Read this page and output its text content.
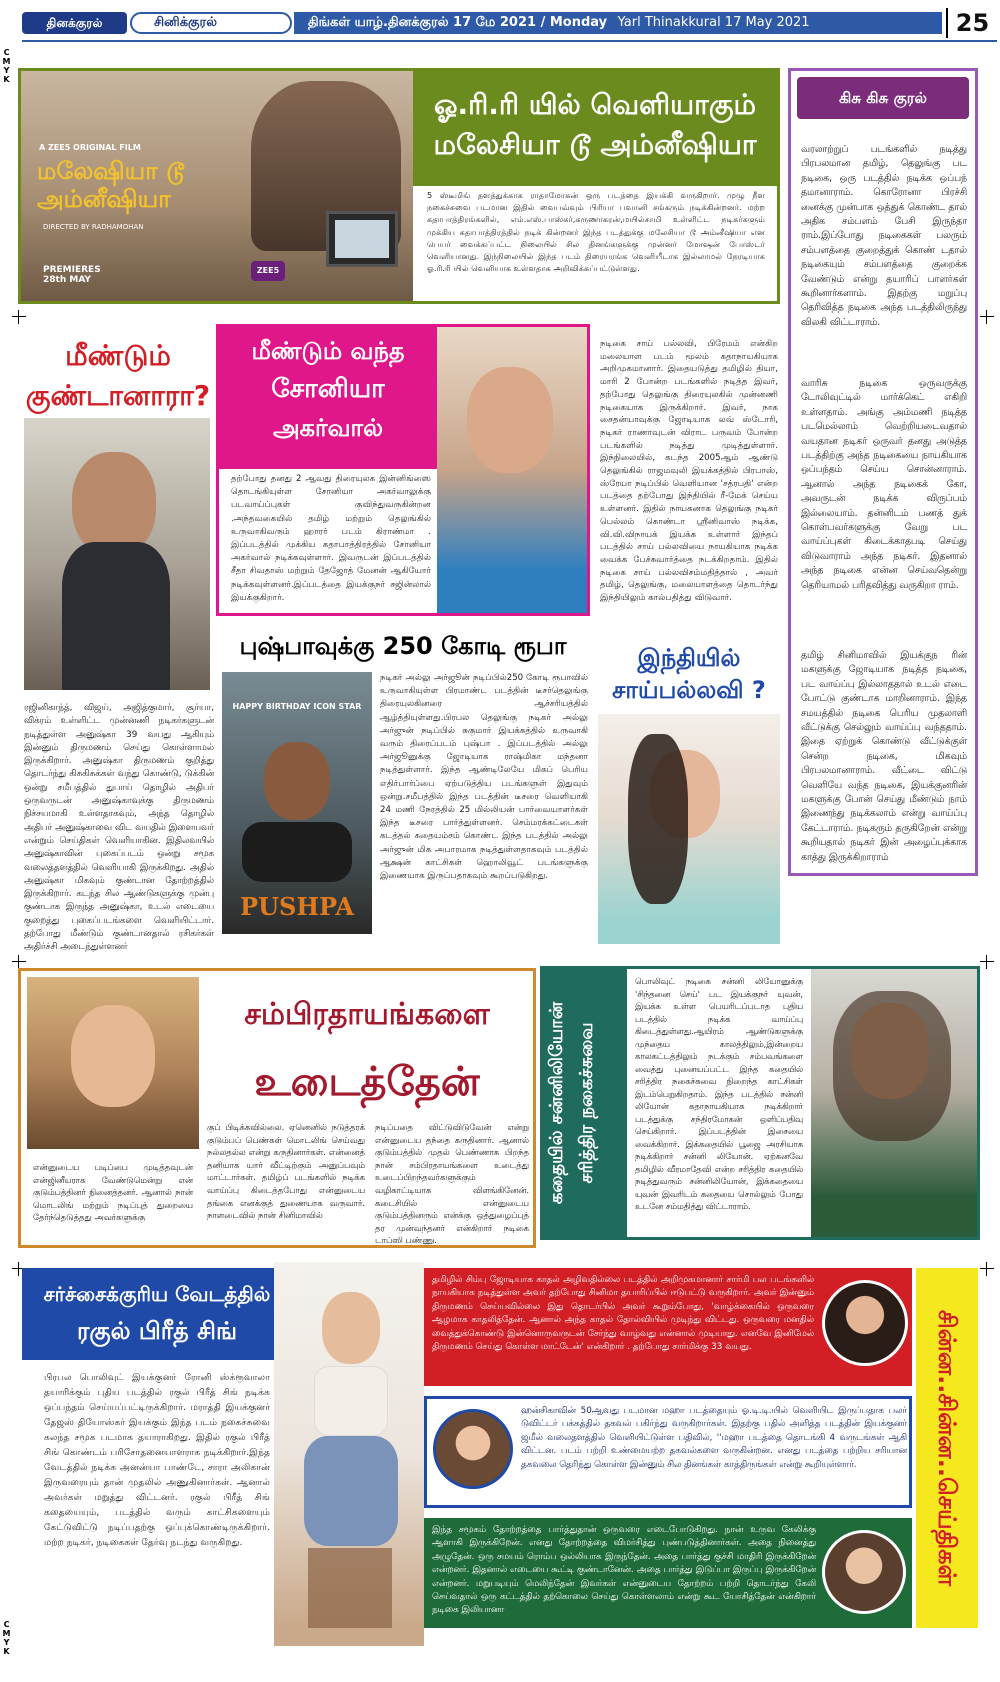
தினக்குரல்	சினிக்குரல்	திங்கள் யாழ்.தினக்குரல் 17 மே 2021 / Monday Yarl Thinakkural 17 May 2021	25
C
M
Y
K
C
M
Y
K
A ZEE5 ORIGINAL FILM
மலேஷியா டூ அம்னீஷியா
DIRECTED BY RADHAMOHAN
PREMIERES 28th MAY
ZEE5
ஓ.ரி.ரி யில் வெளியாகும்
மலேசியா டூ அம்னீஷியா
5 ஸ்டீமிங் தளத்துக்காக ராதாமோகன் ஒரு படத்தை இயக்கி வருகிறார். முழு நீள நகைச்சுவை படமான இதில் வைபவ்வும் பிரியா பவானி சங்கரும் நடிக்கின்றனர். மற்ற கதாபாத்திரங்களில், எம்.எஸ்.பாஸ்கர்,கருணாகரன்,மயில்சாமி உள்ளிட்ட நடிகர்களும் முக்கிய கதாபாத்திரத்தில் நடிக் கின்றனர் இந்த படத்துக்கு மலேசியா டூ அம்னீஷியா என பெயர் வைக்கப்பட்ட நிலையில் சில தினங்களுக்கு முன்னர் மோஷன் போஸ்டர் வெளியானது. இந்நிலையில் இந்த படம் திரையரங்க வெளியீடாக இல்லாமல் நேரடியாக ஓ.ரி.ரி யில் வெளியாக உள்ளதாக அறிவிக்கப்பட்டுள்ளது.
கிசு கிசு குரல்
வரலாற்றுப் படங்களில் நடித்து பிரபலமான தமிழ், தெலுங்கு பட நடிகை, ஒரு படத்தில் நடிக்க ஒப்பந் தமானாராம். கொரோனா பிரச்சி னைக்கு முன்பாக ஒத்துக் கொண்ட தால் அதிக சம்பளம் பேசி இருந்தா ராம்.இப்போது நடிகைகள் பலரும் சம்பளத்தை குறைத்துக் கொண் டதால் நடிகையும் சம்பளத்தை குறைக்க வேண்டும் என்று தயாரிப் பாளர்கள் கூறினார்களாம். இதற்கு மறுப்பு தெரிவித்த நடிகை அந்த படத்திலிருந்து விலகி விட்டாராம்.
வாரிசு நடிகை ஒருவருக்கு டோலிவுட்டில் மார்க்கெட் எகிறி உள்ளதாம். அங்கு அம்மணி நடித்த படமெல்லாம் வெற்றியடைவதால் வயதான நடிகர் ஒருவர் தனது அடுத்த படத்திற்கு அந்த நடிகையை நாயகியாக ஒப்பந்தம் செய்ய சொன்னாராம். ஆனால் அந்த நடிகைக் கோ, அவருடன் நடிக்க விருப்பம் இல்லையாம். தன்னிடம் பணத் துக் கொள்பவர்களுக்கு வேறு பட வாய்ப்புகள் கிடைக்காதபடி செய்து விடுவாராம் அந்த நடிகர். இதனால் அந்த நடிகை என்ன செய்வதென்று தெரியாமல் பரிதவித்து வருகிறா ராம்.
தமிழ் சினிமாவில் இயக்குந ரின் மகளுக்கு ஜோடியாக நடித்த நடிகை, பட வாய்ப்பு இல்லாததால் உடல் எடை போட்டு குண்டாக மாறினாராம். இந்த சமயத்தில் நடிகை பெரிய முதலாளி வீட்டுக்கு செல்லும் வாய்ப்பு வந்ததாம். இதை ஏற்றுக் கொண்டு வீட்டுக்குள் சென்ற நடிகை, மிகவும் பிரபலமானாராம். வீட்டை விட்டு வெளியே வந்த நடிகை, இயக்குனரின் மகளுக்கு போன் செய்து மீண்டும் நாம் இணைந்து நடிக்கலாம் என்று வாய்ப்பு கேட்டாராம். நடிகரும் தருகிறேன் என்று கூறியதால் நடிகர் இன் அழைப்புக்காக காத்து இருக்கிறாராம்
மீண்டும் குண்டானாரா?
ரஜினிகாந்த், விஜய், அஜித்குமார், சூர்யா, விக்ரம் உள்ளிட்ட முன்னணி நடிகர்களுடன் நடித்துள்ள அனுஷ்கா 39 வயது ஆகியும் இன்னும் திருமணம் செய்து கொள்ளாமல் இருக்கிறார். அனுஷ்கா திருமணம் குறித்து தொடர்ந்து கிசுகிசுக்கள் வந்து கொண்டு, டுக்கின் ஒன்று சமீபத்தில் துபாய் தொழில் அதிபர் ஒருவருடன் அனுஷ்காவுக்கு திருமணம் நிச்சயமாகி உள்ளதாகவும், அந்த தொழில் அதிபர் அனுஷ்காவை விட வயதில் இளையவர் என்றும் செய்திகள் வெளியாகின. இதிலவயில் அனுஷ்காவின் புகைப்படம் ஒன்று சமூக வலைத்தளத்தில் வெளியாகி இருக்கிறது. அதில் அனுஷ்கா மிகவும் குண்டான தோற்றத்தில் இருக்கிறார். கடந்த சில ஆண்டுகளுக்கு முன்பு குண்டாக இருந்த அனுஷ்கா, உடல் எடையை குறைத்து புகைப்படங்களை வெளியிட்டார். தற்போது மீண்டும் குண்டானதால் ரசிகர்கள் அதிர்ச்சி அடைந்துள்ளனர்
மீண்டும் வந்த
சோனியா
அகர்வால்
தற்போது தனது 2 ஆவது திரையுலக இன்னிங்ஸை தொடங்கியுள்ள சோனியா அகர்வாலுக்கு படவாய்ப்புகள் குவிந்துவருகின்றன .அந்தவகையில் தமிழ் மற்றும் தெலுங்கில் உருவாகிவரும் ஹாரர் படம் கிராண்மா . இப்படத்தில் முக்கிய கதாபாத்திரத்தில் சோனியா அகர்வால் நடிக்கவுள்ளார். இவருடன் இப்படத்தில் சீதா சிவதாஸ் மற்றும் தேஜோத் மேனன் ஆகியோர் நடிக்கவுள்ளனர்.இப்படத்தை இயக்குநர் சஜின்லால் இயக்குகிறார்.
நடிகை சாய் பல்லவி, பிரேமம் என்கிற மலையாள படம் மூலம் கதாநாயகியாக அறிமுகமானார். இதையடுத்து தமிழில் தியா, மாரி 2 போன்ற படங்களில் நடித்த இவர், தற்போது தெலுங்கு திரையுலகில் முன்னணி நடிகையாக இருக்கிறார். இவர், நாக சைதன்யாவுக்கு ஜோடியாக லவ் ஸ்டோரி, நடிகர் ராணாவுடன் விராட பருவம் போன்ற படங்களில் நடித்து முடித்துள்ளார். இந்நிலையில், கடந்த 2005ஆம் ஆண்டு தெலுங்கில் ராஜமவுலி இயக்கத்தில் பிரபாஸ், ஸ்ரேயா நடிப்பில் வெளியான 'சத்ரபதி' என்ற படத்தை தற்போது இந்தியில் ரீ-மேக் செய்ய உள்ளனர். இதில் நாயகனாக தெலுங்கு நடிகர் பெல்லம் கொண்டா ஸ்ரீனிவாஸ் நடிக்க, வி.வி.விநாயக் இயக்க உள்ளார் இந்தப் படத்தில் சாய் பல்லவியை நாயகியாக நடிக்க வைக்க பேச்சுவார்த்தை நடக்கிறதாம். இதில் நடிகை சாய் பல்லவிசம்மதித்தால் , அவர் தமிழ், தெலுங்கு, மலையாளத்தை தொடர்ந்து இந்தியிலும் கால்பதித்து விடுவார்.
இந்தியில்
சாய்பல்லவி ?
புஷ்பாவுக்கு 250 கோடி ரூபா
HAPPY BIRTHDAY ICON STAR
PUSHPA
நடிகர் அல்லு அர்ஜூன் நடிப்பில்250 கோடி ரூபாவில் உருவாகியுள்ள பிரமாண்ட படத்தின் டீசர்தெலுங்கு திரையுலகினரை ஆச்சரியத்தில் ஆழ்த்தியுள்ளது.பிரபல தெலுங்கு நடிகர் அல்லு அர்ஜுன் நடிப்பில் சுகுமார் இயக்கத்தில் உருவாகி வரும் திரைப்படம் புஷ்பா . இப்படத்தில் அல்லு அர்ஜூனுக்கு ஜோடியாக ராஷ்மிகா மந்தனா நடித்துள்ளார். இந்த ஆண்டிலேயே மிகப் பெரிய எதிர்பார்ப்பை ஏற்படுத்திய படங்களுள் இதுவும் ஒன்று.சமீபத்தில் இந்த படத்தின் டீசரை வெளியாகி 24 மணி நேரத்தில் 25 மில்லியன் பார்வையாளர்கள் இந்த டீசரை பார்த்துள்ளனர். செம்மரக்கட்டைகள் கடத்தல் கதையம்சம் கொண்ட இந்த படத்தில் அல்லு அர்ஜுன் மிக அபாரமாக நடித்துள்ளதாகவும் படத்தில் ஆக்ஷன் காட்சிகள் ஹொலிவூட் படங்களுக்கு இணையாக இருப்பதாகவும் கூறப்படுகிறது.
சம்பிரதாயங்களை
உடைத்தேன்
என்னுடைய படிப்பை முடித்தவுடன் என்ஜினீயராக வேண்டுமென்று என் குடும்பத்தினர் நினைத்தனர். ஆனால் நான் மொடலிங் மற்றும் நடிப்புத் துறையை தேர்ந்தெடுத்தது அவர்களுக்கு
குப் பிடிக்கவில்லை. ஏனெனில் நடுத்தரக் குடும்பப் பெண்கள் மொடலிங் செய்வது நல்லதல்ல என்று கருதினார்கள். என்னைத் தனியாக யார் வீட்டிற்கும் அனுப்பவும் மாட்டார்கள். தமிழ்ப் படங்களில் நடிக்க வாய்ப்பு கிடைத்தபோது என்னுடைய தங்கை எனக்குத் துணையாக வருவார். நாளடைவில் நான் சினிமாவில்
நடிப்பதை விட்டுவிடுவேன் என்று என்னுடைய தந்தை கருதினார். ஆனால் குடும்பத்தில் முதல் பெண்ணாக பிறந்த நான் சம்பிரதாயங்களை உடைத்து உடைப்பிறந்தவர்களுக்கும் வழிகாட்டியாக விளங்கினேன். கடைசியில் என்னுடைய குடும்பத்தினரும் என்க்கு ஒத்துழைப்புத் தர முன்வந்தனர் என்கிறார் நடிகை டாப்ஸி பண்ணு.
சரித்திர நகைச்சுவை
கதையில் சன்னிலியோன்
பொலிவுட் நடிகை சன்னி லியோனுக்கு 'சிந்தனை செய்' பட இயக்குநர் யுவன், இயக்க உள்ள பெயரிடப்படாத புதிய படத்தில் நடிக்க வாய்ப்பு கிடைத்துள்ளது.ஆயிரம் ஆண்டுகளுக்கு முந்தைய காலத்திலும்,இன்றைய காலகட்டத்திலும் நடக்கும் சம்பவங்களை வைத்து புனையப்பட்ட இந்த கதையில் சரித்திர நகைச்சுவை நிறைந்த காட்சிகள் இடம்பெறுகிறதாம். இந்த படத்தில் சன்னி லியோன் கதாநாயகியாக நடிக்கிறார் படத்துக்கு சந்திரமோகன் ஒளிப்பதிவு செய்கிறார். இப்படத்தின் இசையை வைக்கிறார். இக்கதையில் பூஜை அரசியாக நடிக்கிறார் சன்னி லியோன். ஏற்கனவே தமிழில் வீரமாதேவி என்ற சரித்திர கதையில் நடித்துவரும் சன்னிலியோன், இக்கதையை யுவன் இவரிடம் கதையை சொல்லும் போது உடனே சம்மதித்து விட்டாராம்.
சர்ச்சைக்குரிய வேடத்தில்
ரகுல் பிரீத் சிங்
பிரபல பொலிவுட் இயக்குனர் ரோனி ஸ்க்ரூவாலா தயாரிக்கும் புதிய படத்தில் ரகுல் பிரீத் சிங் நடிக்க ஒப்பந்தம் செய்யப்பட்டிருக்கிறார். மராத்தி இயக்குனர் தேஜஸ் தியோஸ்கர் இயக்கும் இந்த படம் நகைச்சுவை கலந்த சமூக படமாக தயாராகிறது. இதில் ரகுல் பிரீத் சிங் கொண்டம் பரிசோதனையாளராக நடிக்கிறார்.இந்த வேடத்தில் நடிக்க அனன்யா பாண்டே, சாரா அலிகான் இருவரையும் தான் முதலில் அணுகினார்கள். ஆனால் அவர்கள் மறுத்து விட்டனர். ரகுல் பிரீத் சிங் கதையையும், படத்தில் வரும் காட்சிகளையும் கேட்டுவிட்டு நடிப்பதற்கு ஒப்புக்கொண்டிருக்கிறார். மற்ற நடிகர், நடிகைகள் தேர்வு நடந்து வருகிறது.
தமிழில் சிம்பு ஜோடியாக காதல் அழிவதில்லை படத்தில் அறிமுகமானார் சார்மி பல படங்களில் நாயகியாக நடித்துள்ள அவர் தற்போது சினிமா தயாரிப்பில் ஈடுபட்டு வருகிறார். அவர் இன்னும் திருமணம் செய்யவில்லை இது தொடர்பில் அவர் கூறும்போது, 'வாழ்க்கையில் ஒருவரை ஆழமாக காதலித்தேன். ஆனால் அந்த காதல் தோல்வியில் முடிந்து விட்டது. ஒருவரை மனதில் வைத்துக்கொண்டு இன்னொருவருடன் சேர்ந்து வாழ்வது என்னால் முடியாது. எனவே இனிமேல் திருமணம் செய்து கொள்ள மாட்டேன்' என்கிறார் . தற்போது சார்மிக்கு 33 வயது.
ஹன்சிகாவின் 50ஆவது படமான மஹா படத்தையும் ஓ.டி.டி.யில் வெளியிட இருப்பதாக பலர் டுவிட்டர் பக்கத்தில் தகவல் பகிர்ந்து வருகிறார்கள். இதற்கு பதில் அளித்த படத்தின் இயக்குனர் ஜமீல் வலைதளத்தில் வெளியிட்டுள்ள பதிவில், ''மஹா படத்தை தொடங்கி 4 வருடங்கள் ஆகி விட்டன. படம் பற்றி உண்மையற்ற தகவல்களை வருகின்றன. எனது படத்தை பற்றிய சரியான தகவலை தெரிந்து கொள்ள இன்னும் சில தினங்கள் காத்திருங்கள் என்று கூறியுள்ளார்.
இந்த சமூகம் தோற்றத்தை பார்த்துதான் ஒருவரை எடைபோடுகிறது. நான் உருவ கேலிக்கு ஆளாகி இருக்கிறேன். எனது தோற்றத்தை விமர்சித்து புண்படுத்தினார்கள். அதை நினைத்து அழுதேன். ஒரு சமயம் ரொம்ப ஒல்லியாக இருந்தேன். அதை பார்த்து குச்சி மாதிரி இருக்கிறேன் என்றனர். இதனால் எடையை கூட்டி குண்டானேன். அதை பார்த்து இடுப்பா இருப்பு இருக்கிறேன் என்றனர். மறுபடியும் மெலிந்தேன் இவர்கள் என்னுடைய தோற்றம் பற்றி தொடர்ந்து கேலி செய்வதால் ஒரு கட்டத்தில் தற்கொலை செய்து கொள்ளலாம் என்று கூட யோசித்தேன் என்கிறார் நடிகை இலியானா
சின்ன..சின்ன..செய்திகள்
